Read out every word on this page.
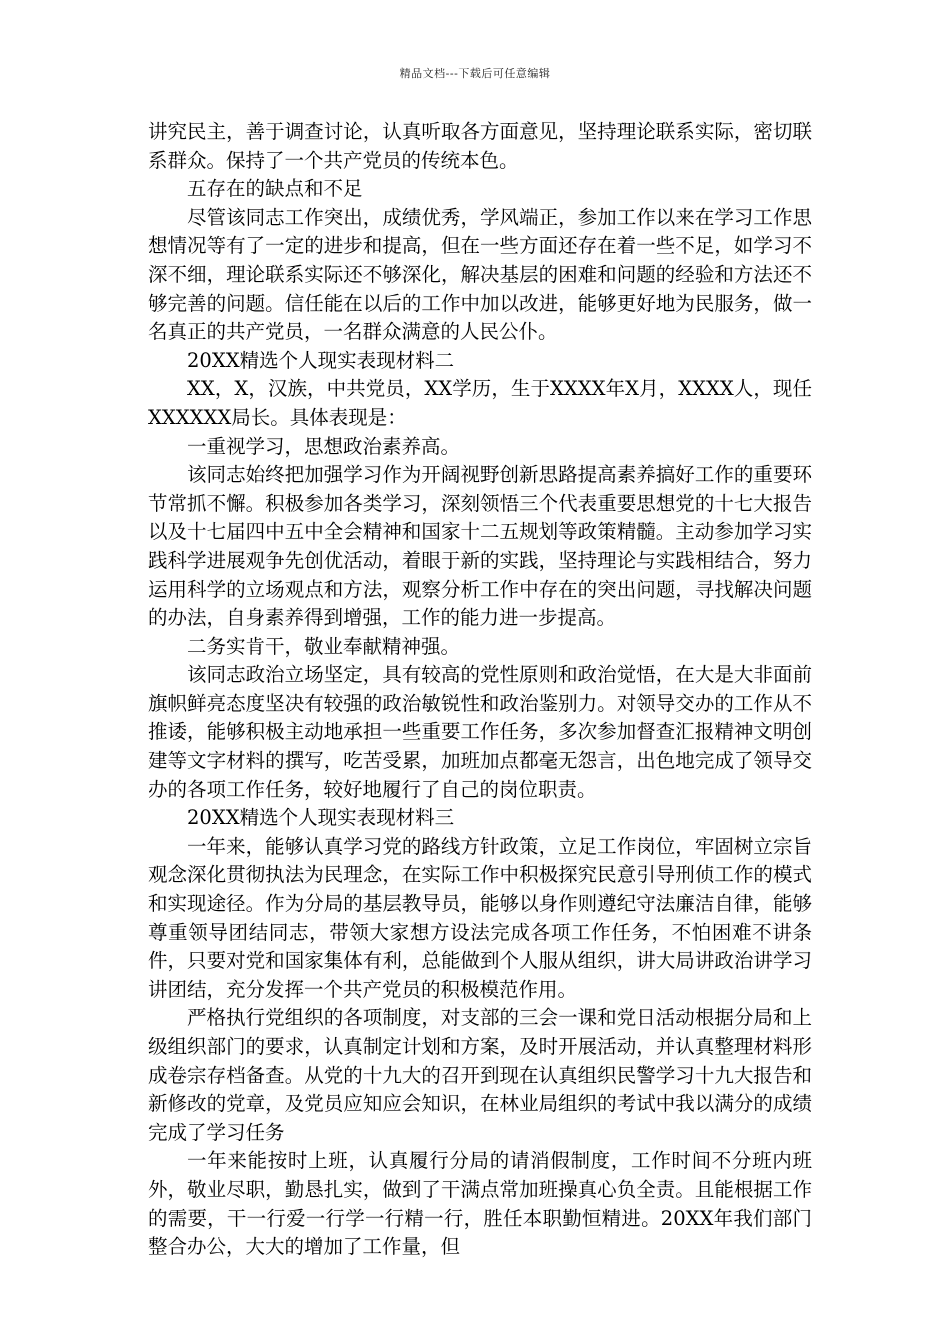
精品文档---下载后可任意编辑

讲究民主，善于调查讨论，认真听取各方面意见，坚持理论联系实际，密切联系群众。保持了一个共产党员的传统本色。

五存在的缺点和不足

尽管该同志工作突出，成绩优秀，学风端正，参加工作以来在学习工作思想情况等有了一定的进步和提高，但在一些方面还存在着一些不足，如学习不深不细，理论联系实际还不够深化，解决基层的困难和问题的经验和方法还不够完善的问题。信任能在以后的工作中加以改进，能够更好地为民服务，做一名真正的共产党员，一名群众满意的人民公仆。

20XX精选个人现实表现材料二

XX，X，汉族，中共党员，XX学历，生于XXXX年X月，XXXX人，现任XXXXXX局长。具体表现是：

一重视学习，思想政治素养高。

该同志始终把加强学习作为开阔视野创新思路提高素养搞好工作的重要环节常抓不懈。积极参加各类学习，深刻领悟三个代表重要思想党的十七大报告以及十七届四中五中全会精神和国家十二五规划等政策精髓。主动参加学习实践科学进展观争先创优活动，着眼于新的实践，坚持理论与实践相结合，努力运用科学的立场观点和方法，观察分析工作中存在的突出问题，寻找解决问题的办法，自身素养得到增强，工作的能力进一步提高。

二务实肯干，敬业奉献精神强。

该同志政治立场坚定，具有较高的党性原则和政治觉悟，在大是大非面前旗帜鲜亮态度坚决有较强的政治敏锐性和政治鉴别力。对领导交办的工作从不推诿，能够积极主动地承担一些重要工作任务，多次参加督查汇报精神文明创建等文字材料的撰写，吃苦受累，加班加点都毫无怨言，出色地完成了领导交办的各项工作任务，较好地履行了自己的岗位职责。

20XX精选个人现实表现材料三

一年来，能够认真学习党的路线方针政策，立足工作岗位，牢固树立宗旨观念深化贯彻执法为民理念，在实际工作中积极探究民意引导刑侦工作的模式和实现途径。作为分局的基层教导员，能够以身作则遵纪守法廉洁自律，能够尊重领导团结同志，带领大家想方设法完成各项工作任务，不怕困难不讲条件，只要对党和国家集体有利，总能做到个人服从组织，讲大局讲政治讲学习讲团结，充分发挥一个共产党员的积极模范作用。

严格执行党组织的各项制度，对支部的三会一课和党日活动根据分局和上级组织部门的要求，认真制定计划和方案，及时开展活动，并认真整理材料形成卷宗存档备查。从党的十九大的召开到现在认真组织民警学习十九大报告和新修改的党章，及党员应知应会知识，在林业局组织的考试中我以满分的成绩完成了学习任务

一年来能按时上班，认真履行分局的请消假制度，工作时间不分班内班外，敬业尽职，勤恳扎实，做到了干满点常加班操真心负全责。且能根据工作的需要，干一行爱一行学一行精一行，胜任本职勤恒精进。20XX年我们部门整合办公，大大的增加了工作量，但
